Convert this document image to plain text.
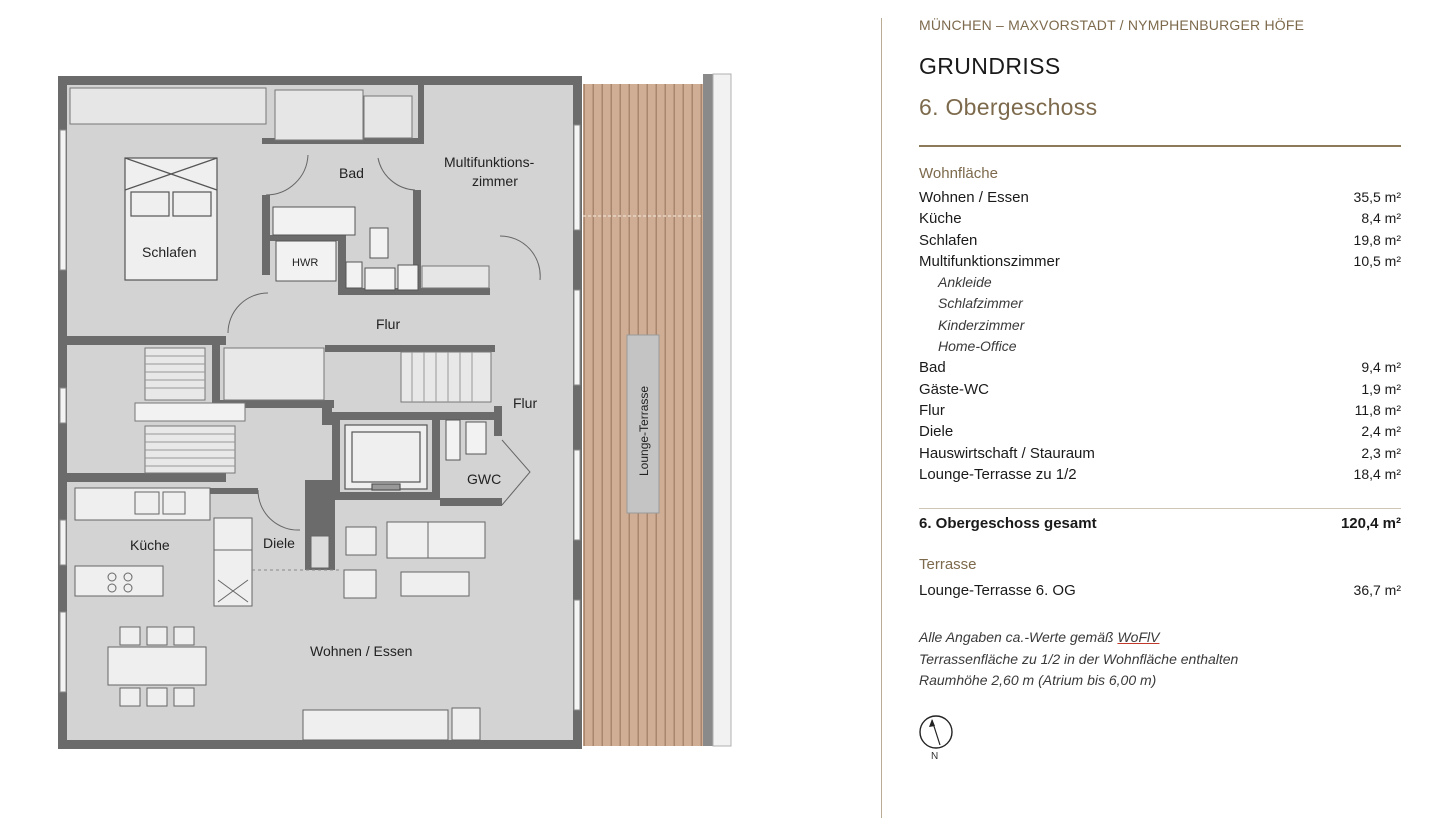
Bad
Multifunktions-
zimmer
Schlafen
HWR
Flur
Flur
GWC
Küche	Diele
Wohnen / Essen
Lounge-Terrasse
MÜNCHEN – MAXVORSTADT / NYMPHENBURGER HÖFE
GRUNDRISS
6. Obergeschoss
Wohnfläche
Wohnen / Essen	35,5 m²
Küche	8,4 m²
Schlafen	19,8 m²
Multifunktionszimmer	10,5 m²
Ankleide
Schlafzimmer
Kinderzimmer
Home-Office
Bad	9,4 m²
Gäste-WC	1,9 m²
Flur	11,8 m²
Diele	2,4 m²
Hauswirtschaft / Stauraum	2,3 m²
Lounge-Terrasse zu 1/2	18,4 m²
6. Obergeschoss gesamt	120,4 m²
Terrasse
Lounge-Terrasse 6. OG	36,7 m²
Alle Angaben ca.-Werte gemäß WoFlV
Terrassenfläche zu 1/2 in der Wohnfläche enthalten
Raumhöhe 2,60 m (Atrium bis 6,00 m)
N
